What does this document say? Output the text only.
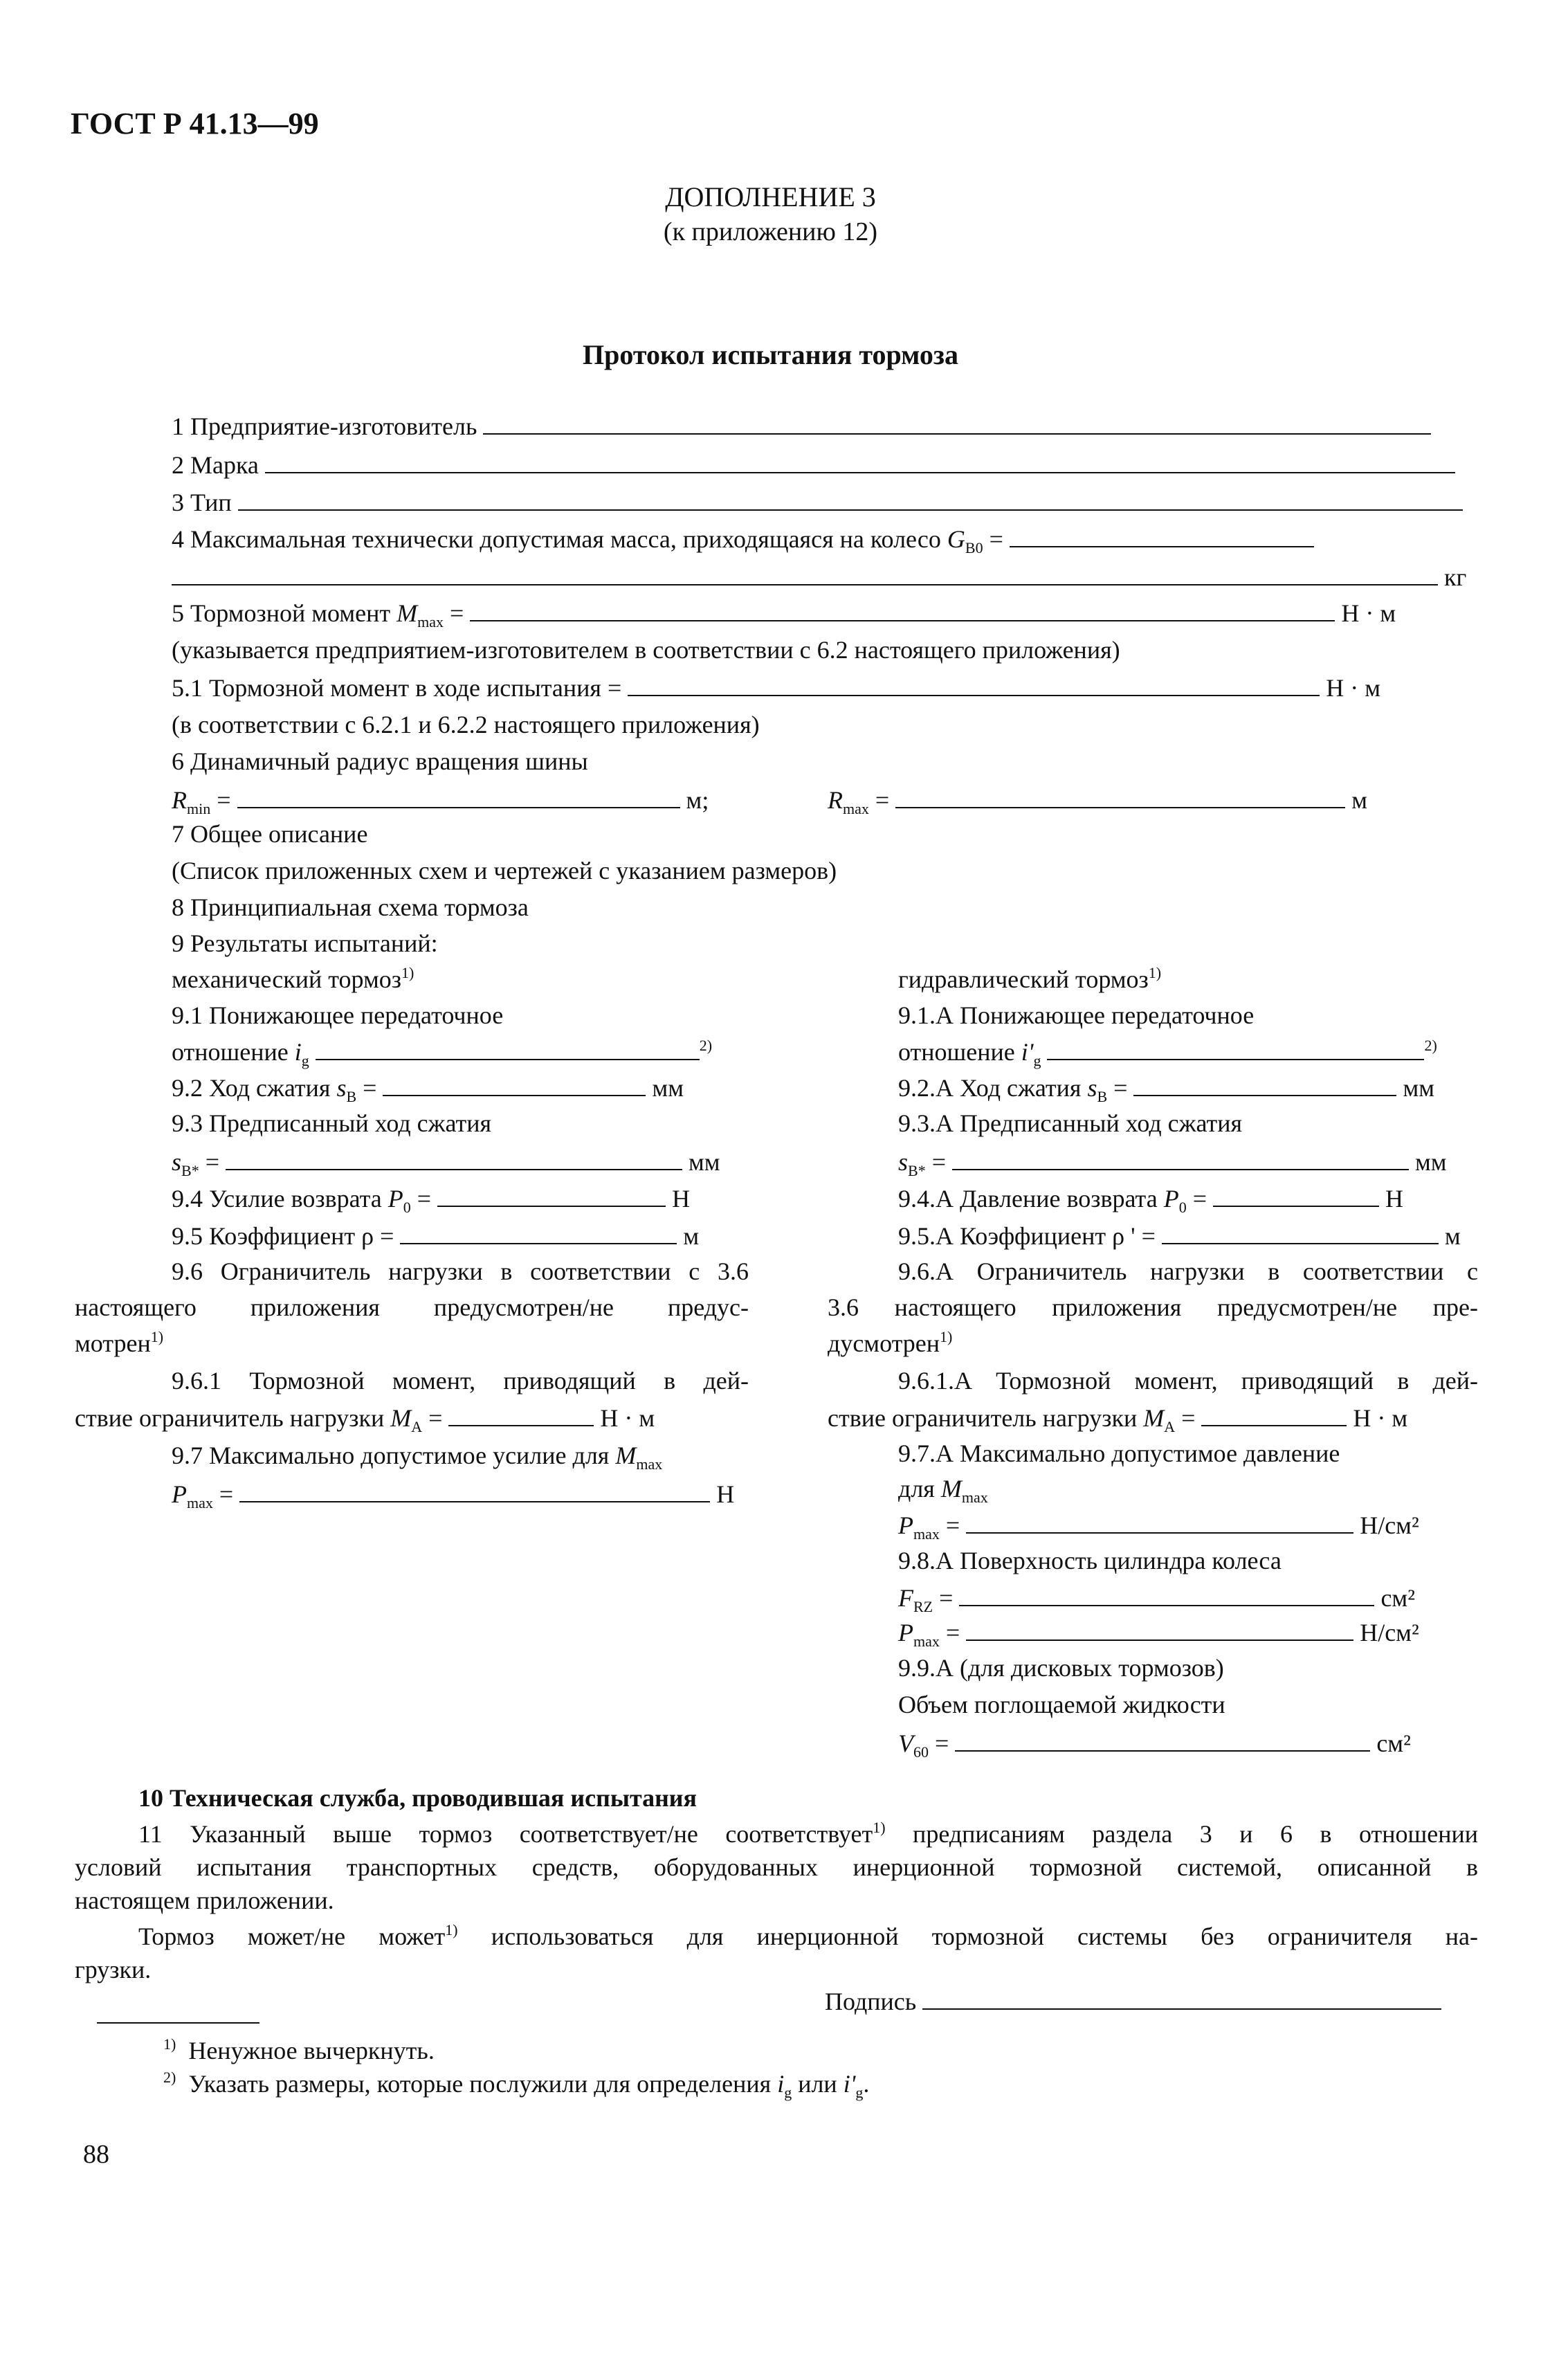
ГОСТ Р 41.13—99
ДОПОЛНЕНИЕ 3
(к приложению 12)
Протокол испытания тормоза
1 Предприятие-изготовитель
2 Марка
3 Тип
4 Максимальная технически допустимая масса, приходящаяся на колесо $G_{B0}$ =
кг
5 Тормозной момент $M_{max}$ =	Н · м
(указывается предприятием-изготовителем в соответствии с 6.2 настоящего приложения)
5.1 Тормозной момент в ходе испытания =	Н · м
(в соответствии с 6.2.1 и 6.2.2 настоящего приложения)
6 Динамичный радиус вращения шины
$R_{min}$ =	м;	$R_{max}$ =	м
7 Общее описание
(Список приложенных схем и чертежей с указанием размеров)
8 Принципиальная схема тормоза
9 Результаты испытаний:
механический тормоз$^{1)}$
9.1 Понижающее передаточное
отношение $i_g$ $^{2)}$
9.2 Ход сжатия $s_B$ =	мм
9.3 Предписанный ход сжатия
$s_{B*}$ =	мм
9.4 Усилие возврата $P_0$ =	Н
9.5 Коэффициент ρ =	м
9.6 Ограничитель нагрузки в соответствии с 3.6
настоящего приложения предусмотрен/не предус-
мотрен$^{1)}$
9.6.1 Тормозной момент, приводящий в дей-
ствие ограничитель нагрузки $M_A$ =	Н · м
9.7 Максимально допустимое усилие для $M_{max}$
$P_{max}$ =	Н
гидравлический тормоз$^{1)}$
9.1.А Понижающее передаточное
отношение $i'_g$ $^{2)}$
9.2.А Ход сжатия $s_B$ =	мм
9.3.А Предписанный ход сжатия
$s_{B*}$ =	мм
9.4.А Давление возврата $P_0$ =	Н
9.5.А Коэффициент ρ ' =	м
9.6.А Ограничитель нагрузки в соответствии с
3.6 настоящего приложения предусмотрен/не пре-
дусмотрен$^{1)}$
9.6.1.А Тормозной момент, приводящий в дей-
ствие ограничитель нагрузки $M_A$ =	Н · м
9.7.А Максимально допустимое давление
для $M_{max}$
$P_{max}$ =	Н/см²
9.8.А Поверхность цилиндра колеса
$F_{RZ}$ =	см²
$P_{max}$ =	Н/см²
9.9.А (для дисковых тормозов)
Объем поглощаемой жидкости
$V_{60}$ =	см²
10 Техническая служба, проводившая испытания
11 Указанный выше тормоз соответствует/не соответствует$^{1)}$ предписаниям раздела 3 и 6 в отношении
условий испытания транспортных средств, оборудованных инерционной тормозной системой, описанной в
настоящем приложении.
Тормоз может/не может$^{1)}$ использоваться для инерционной тормозной системы без ограничителя на-
грузки.
Подпись
$^{1)}$ Ненужное вычеркнуть.
$^{2)}$ Указать размеры, которые послужили для определения $i_g$ или $i'_g$.
88
